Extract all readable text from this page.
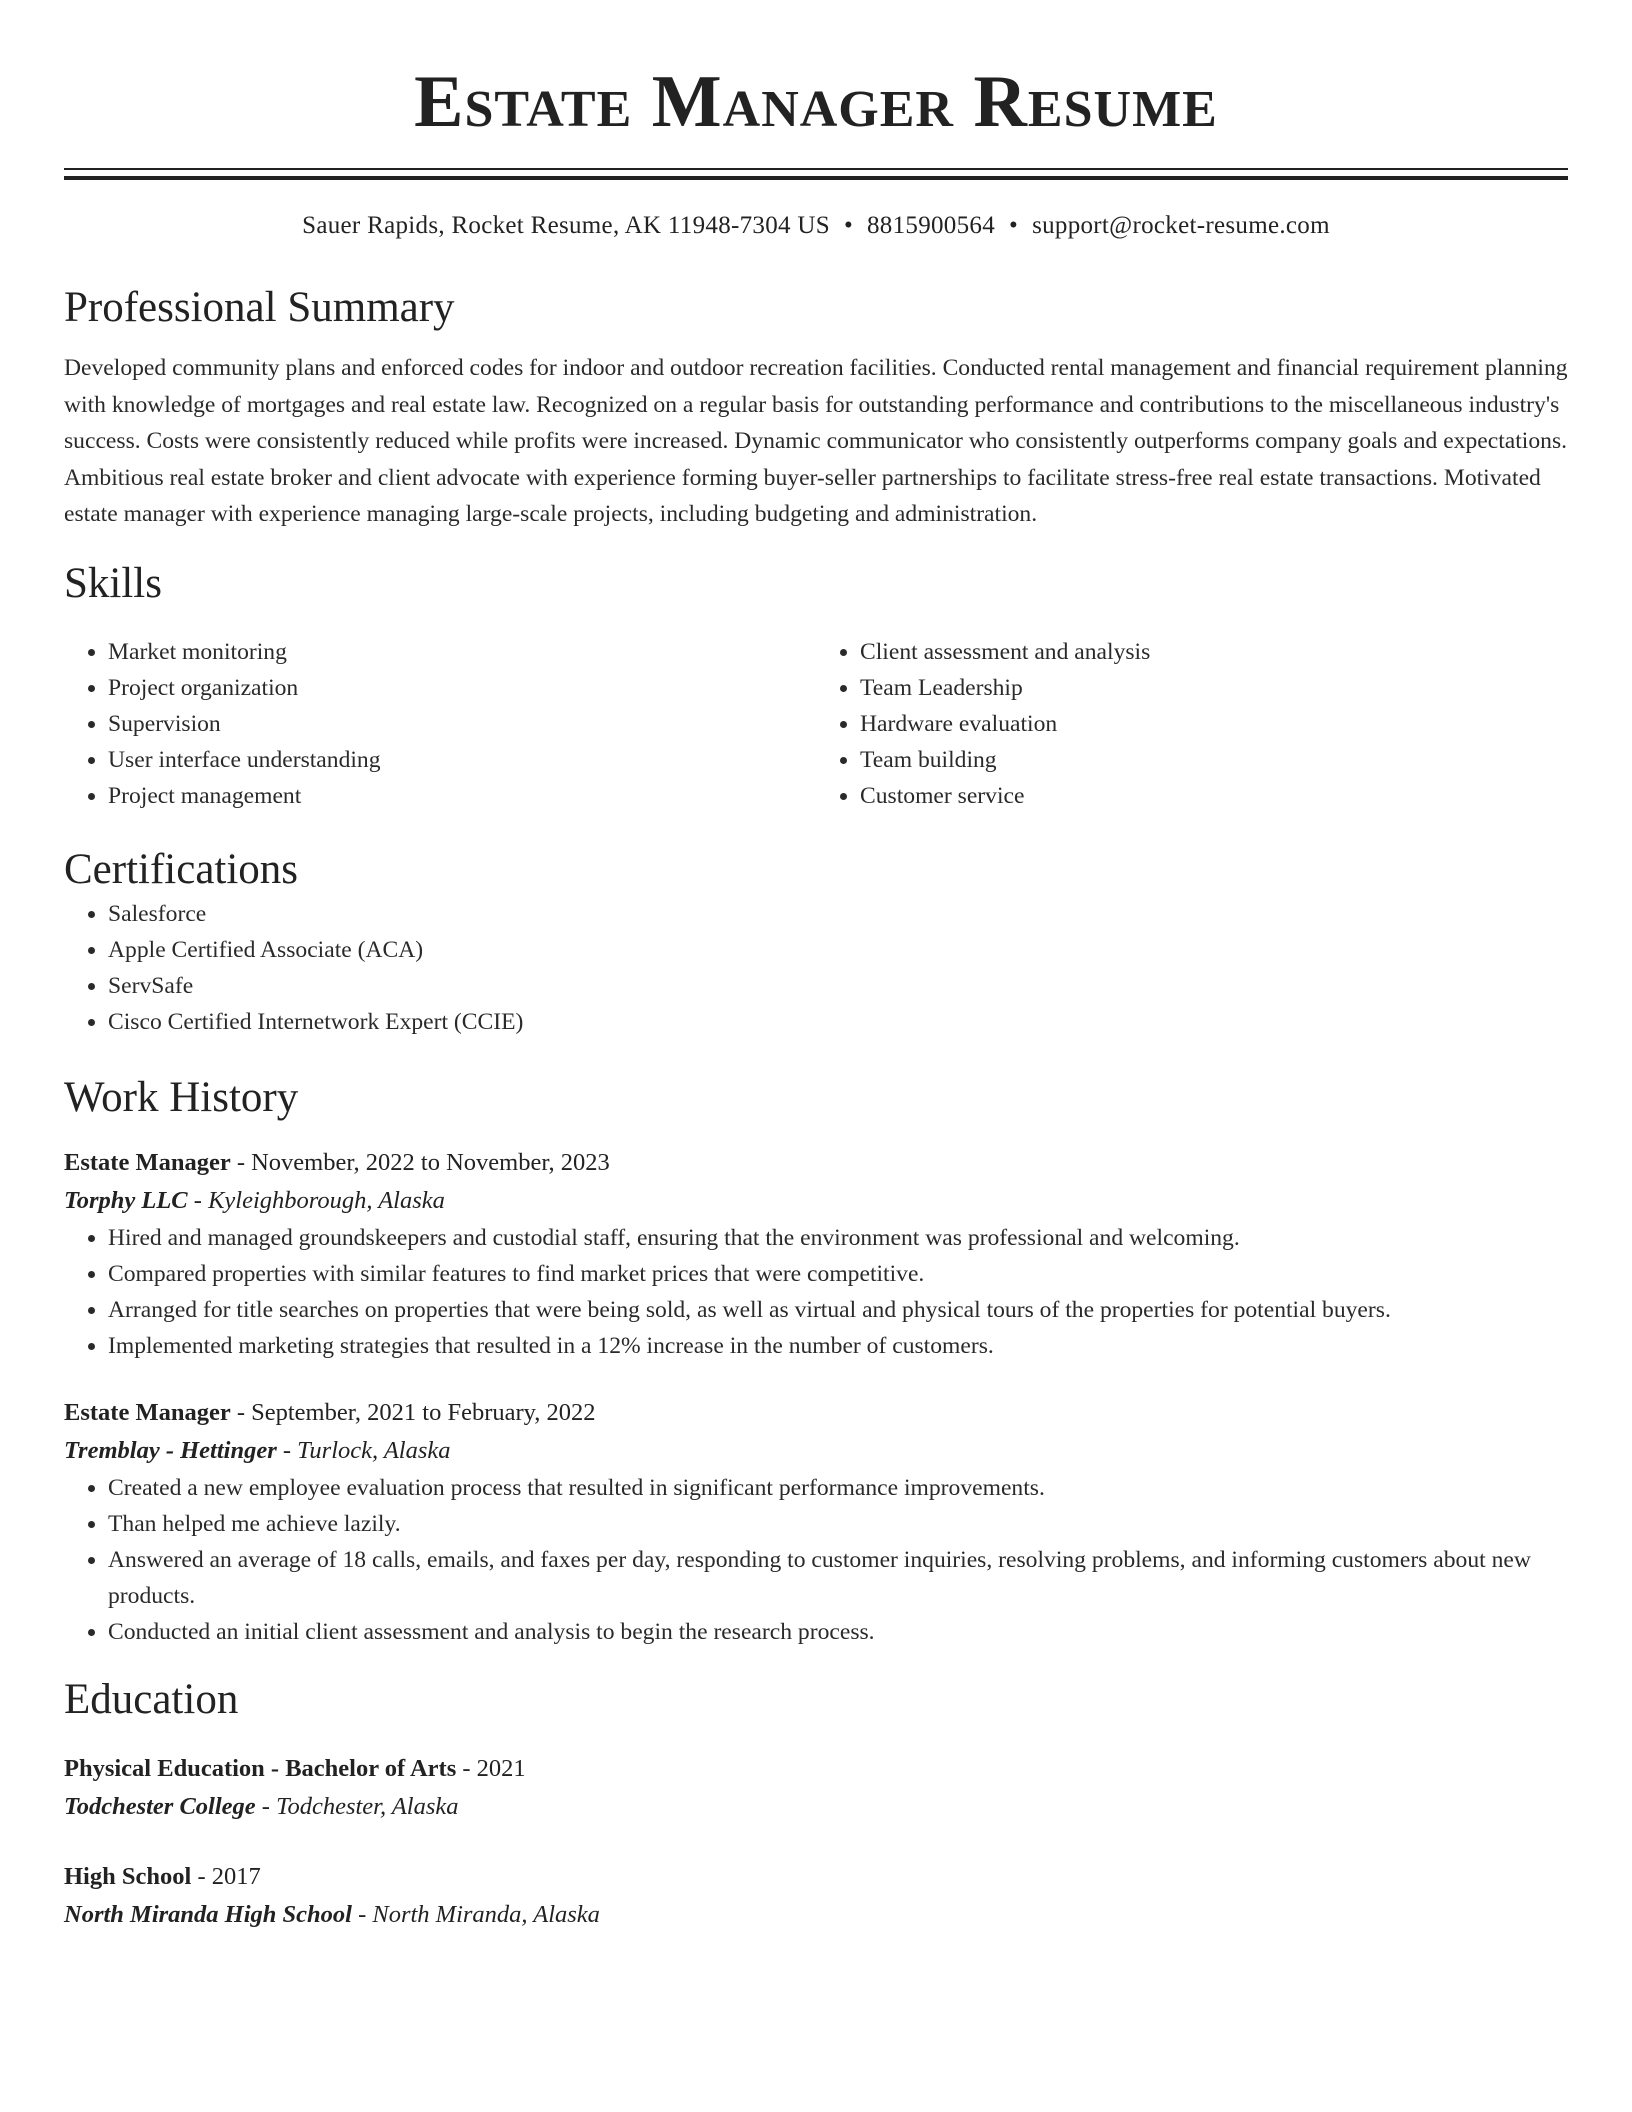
Estate Manager Resume
Sauer Rapids, Rocket Resume, AK 11948-7304 US • 8815900564 • support@rocket-resume.com
Professional Summary
Developed community plans and enforced codes for indoor and outdoor recreation facilities. Conducted rental management and financial requirement planning with knowledge of mortgages and real estate law. Recognized on a regular basis for outstanding performance and contributions to the miscellaneous industry's success. Costs were consistently reduced while profits were increased. Dynamic communicator who consistently outperforms company goals and expectations. Ambitious real estate broker and client advocate with experience forming buyer-seller partnerships to facilitate stress-free real estate transactions. Motivated estate manager with experience managing large-scale projects, including budgeting and administration.
Skills
• Market monitoring
• Project organization
• Supervision
• User interface understanding
• Project management
• Client assessment and analysis
• Team Leadership
• Hardware evaluation
• Team building
• Customer service
Certifications
• Salesforce
• Apple Certified Associate (ACA)
• ServSafe
• Cisco Certified Internetwork Expert (CCIE)
Work History
Estate Manager - November, 2022 to November, 2023
Torphy LLC - Kyleighborough, Alaska
• Hired and managed groundskeepers and custodial staff, ensuring that the environment was professional and welcoming.
• Compared properties with similar features to find market prices that were competitive.
• Arranged for title searches on properties that were being sold, as well as virtual and physical tours of the properties for potential buyers.
• Implemented marketing strategies that resulted in a 12% increase in the number of customers.
Estate Manager - September, 2021 to February, 2022
Tremblay - Hettinger - Turlock, Alaska
• Created a new employee evaluation process that resulted in significant performance improvements.
• Than helped me achieve lazily.
• Answered an average of 18 calls, emails, and faxes per day, responding to customer inquiries, resolving problems, and informing customers about new products.
• Conducted an initial client assessment and analysis to begin the research process.
Education
Physical Education - Bachelor of Arts - 2021
Todchester College - Todchester, Alaska
High School - 2017
North Miranda High School - North Miranda, Alaska
